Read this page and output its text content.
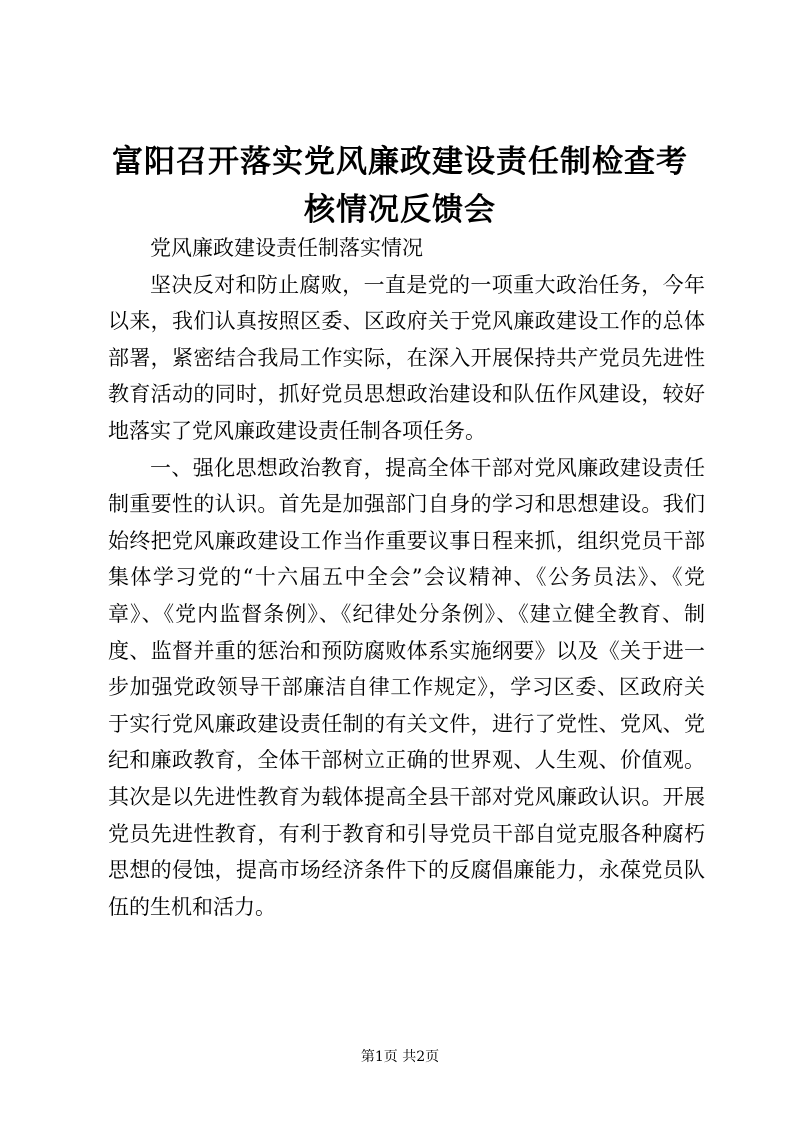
富阳召开落实党风廉政建设责任制检查考核情况反馈会

党风廉政建设责任制落实情况

坚决反对和防止腐败，一直是党的一项重大政治任务，今年以来，我们认真按照区委、区政府关于党风廉政建设工作的总体部署，紧密结合我局工作实际，在深入开展保持共产党员先进性教育活动的同时，抓好党员思想政治建设和队伍作风建设，较好地落实了党风廉政建设责任制各项任务。

一、强化思想政治教育，提高全体干部对党风廉政建设责任制重要性的认识。首先是加强部门自身的学习和思想建设。我们始终把党风廉政建设工作当作重要议事日程来抓，组织党员干部集体学习党的“十六届五中全会”会议精神、《公务员法》、《党章》、《党内监督条例》、《纪律处分条例》、《建立健全教育、制度、监督并重的惩治和预防腐败体系实施纲要》以及《关于进一步加强党政领导干部廉洁自律工作规定》，学习区委、区政府关于实行党风廉政建设责任制的有关文件，进行了党性、党风、党纪和廉政教育，全体干部树立正确的世界观、人生观、价值观。其次是以先进性教育为载体提高全县干部对党风廉政认识。开展党员先进性教育，有利于教育和引导党员干部自觉克服各种腐朽思想的侵蚀，提高市场经济条件下的反腐倡廉能力，永葆党员队伍的生机和活力。

第1页 共2页
